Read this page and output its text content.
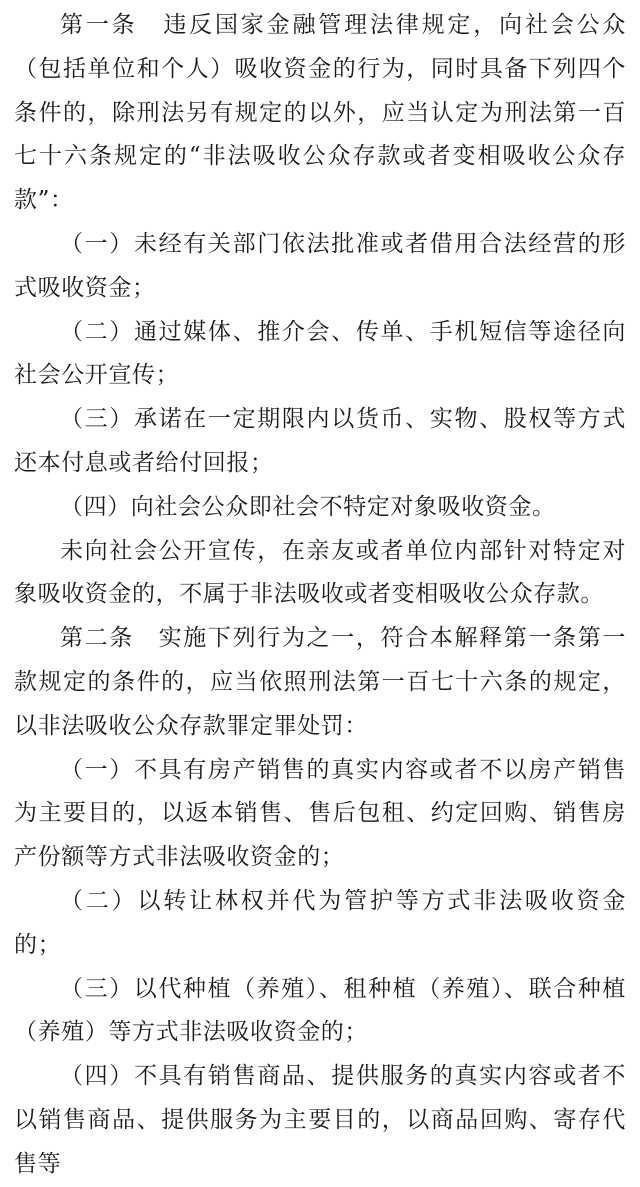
第一条　违反国家金融管理法律规定，向社会公众（包括单位和个人）吸收资金的行为，同时具备下列四个条件的，除刑法另有规定的以外，应当认定为刑法第一百七十六条规定的“非法吸收公众存款或者变相吸收公众存款”：

（一）未经有关部门依法批准或者借用合法经营的形式吸收资金；

（二）通过媒体、推介会、传单、手机短信等途径向社会公开宣传；

（三）承诺在一定期限内以货币、实物、股权等方式还本付息或者给付回报；

（四）向社会公众即社会不特定对象吸收资金。

未向社会公开宣传，在亲友或者单位内部针对特定对象吸收资金的，不属于非法吸收或者变相吸收公众存款。

第二条　实施下列行为之一，符合本解释第一条第一款规定的条件的，应当依照刑法第一百七十六条的规定，以非法吸收公众存款罪定罪处罚：

（一）不具有房产销售的真实内容或者不以房产销售为主要目的，以返本销售、售后包租、约定回购、销售房产份额等方式非法吸收资金的；

（二）以转让林权并代为管护等方式非法吸收资金的；

（三）以代种植（养殖）、租种植（养殖）、联合种植（养殖）等方式非法吸收资金的；

（四）不具有销售商品、提供服务的真实内容或者不以销售商品、提供服务为主要目的，以商品回购、寄存代售等
